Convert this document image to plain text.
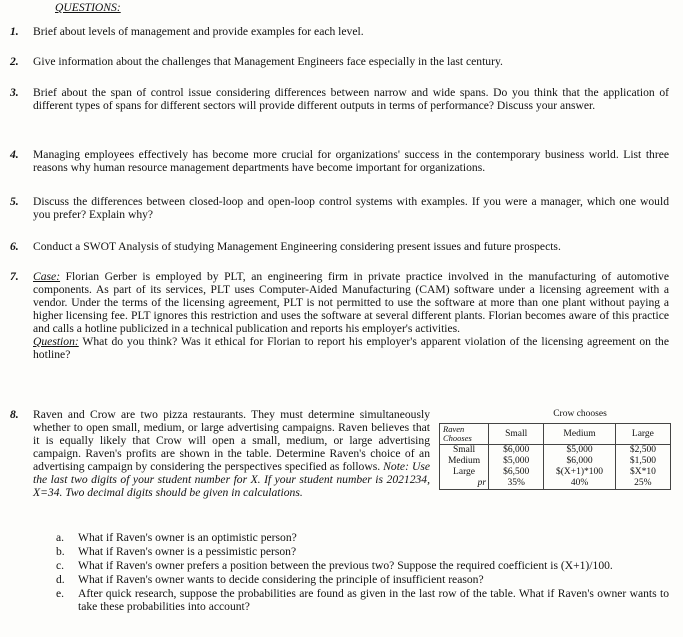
QUESTIONS:
1.	Brief about levels of management and provide examples for each level.
2.	Give information about the challenges that Management Engineers face especially in the last century.
3.	Brief about the span of control issue considering differences between narrow and wide spans. Do you think that the application of different types of spans for different sectors will provide different outputs in terms of performance? Discuss your answer.
4.	Managing employees effectively has become more crucial for organizations' success in the contemporary business world. List three reasons why human resource management departments have become important for organizations.
5.	Discuss the differences between closed-loop and open-loop control systems with examples. If you were a manager, which one would you prefer? Explain why?
6.	Conduct a SWOT Analysis of studying Management Engineering considering present issues and future prospects.
7.	Case: Florian Gerber is employed by PLT, an engineering firm in private practice involved in the manufacturing of automotive components. As part of its services, PLT uses Computer-Aided Manufacturing (CAM) software under a licensing agreement with a vendor. Under the terms of the licensing agreement, PLT is not permitted to use the software at more than one plant without paying a higher licensing fee. PLT ignores this restriction and uses the software at several different plants. Florian becomes aware of this practice and calls a hotline publicized in a technical publication and reports his employer's activities.
Question: What do you think? Was it ethical for Florian to report his employer's apparent violation of the licensing agreement on the hotline?
8.	Raven and Crow are two pizza restaurants. They must determine simultaneously whether to open small, medium, or large advertising campaigns. Raven believes that it is equally likely that Crow will open a small, medium, or large advertising campaign. Raven's profits are shown in the table. Determine Raven's choice of an advertising campaign by considering the perspectives specified as follows. Note: Use the last two digits of your student number for X. If your student number is 2021234, X=34. Two decimal digits should be given in calculations.
Crow chooses
Raven
Chooses	Small	Medium	Large
Small	$6,000	$5,000	$2,500
Medium	$5,000	$6,000	$1,500
Large	$6,500	$(X+1)*100	$X*10
pr	35%	40%	25%
a. What if Raven's owner is an optimistic person?
b. What if Raven's owner is a pessimistic person?
c. What if Raven's owner prefers a position between the previous two? Suppose the required coefficient is (X+1)/100.
d. What if Raven's owner wants to decide considering the principle of insufficient reason?
e. After quick research, suppose the probabilities are found as given in the last row of the table. What if Raven's owner wants to take these probabilities into account?
